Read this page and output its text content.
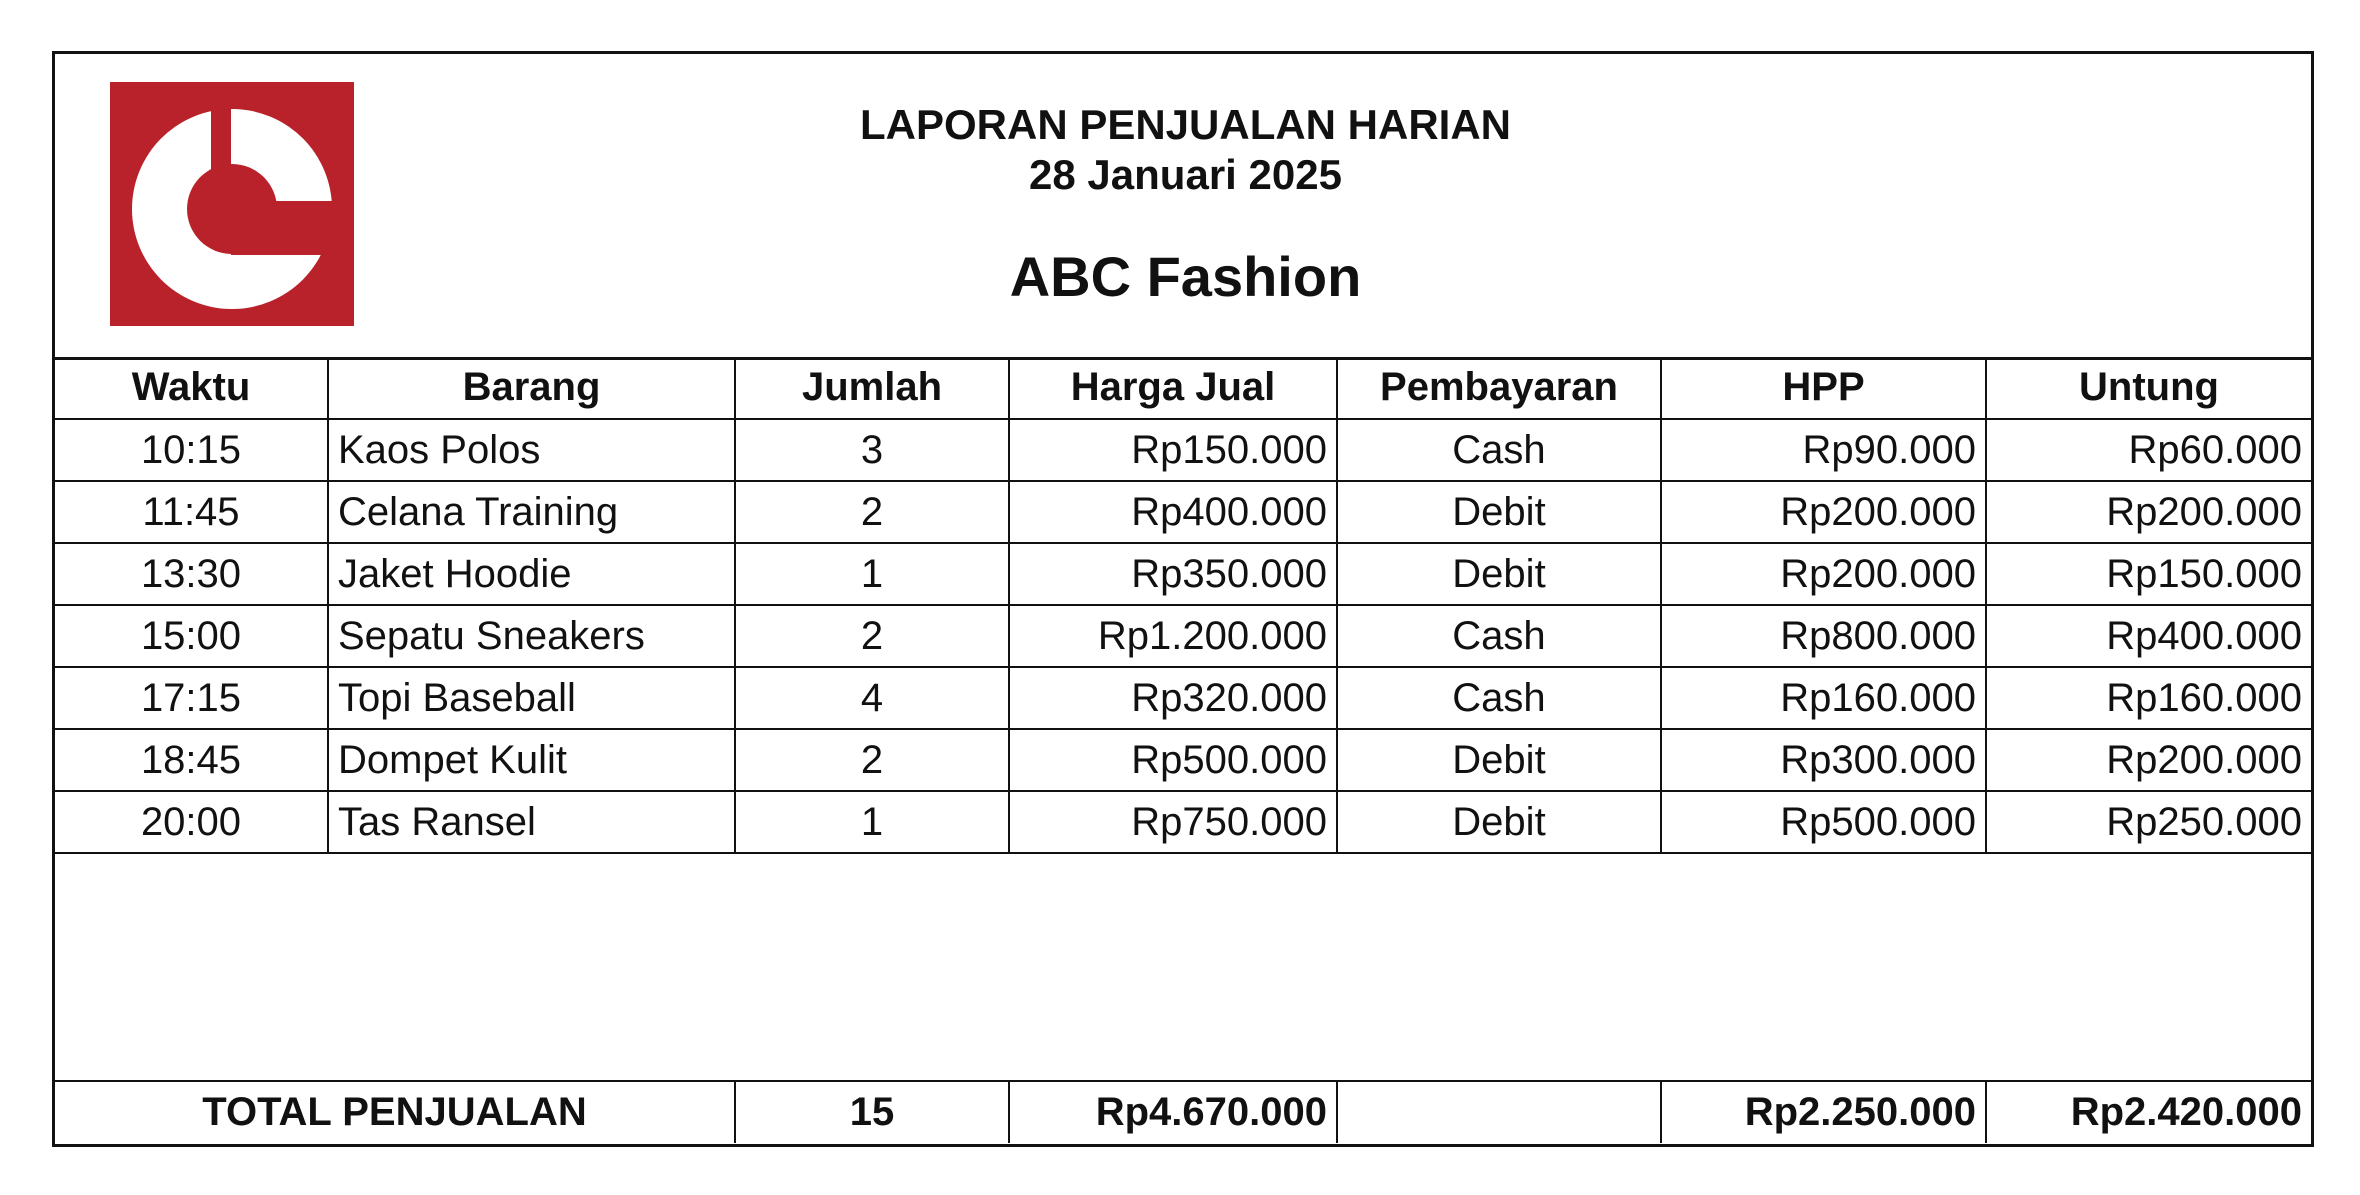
LAPORAN PENJUALAN HARIAN
28 Januari 2025
ABC Fashion
Waktu	Barang	Jumlah	Harga Jual	Pembayaran	HPP	Untung
10:15	Kaos Polos	3	Rp150.000	Cash	Rp90.000	Rp60.000
11:45	Celana Training	2	Rp400.000	Debit	Rp200.000	Rp200.000
13:30	Jaket Hoodie	1	Rp350.000	Debit	Rp200.000	Rp150.000
15:00	Sepatu Sneakers	2	Rp1.200.000	Cash	Rp800.000	Rp400.000
17:15	Topi Baseball	4	Rp320.000	Cash	Rp160.000	Rp160.000
18:45	Dompet Kulit	2	Rp500.000	Debit	Rp300.000	Rp200.000
20:00	Tas Ransel	1	Rp750.000	Debit	Rp500.000	Rp250.000

TOTAL PENJUALAN		15	Rp4.670.000		Rp2.250.000	Rp2.420.000
